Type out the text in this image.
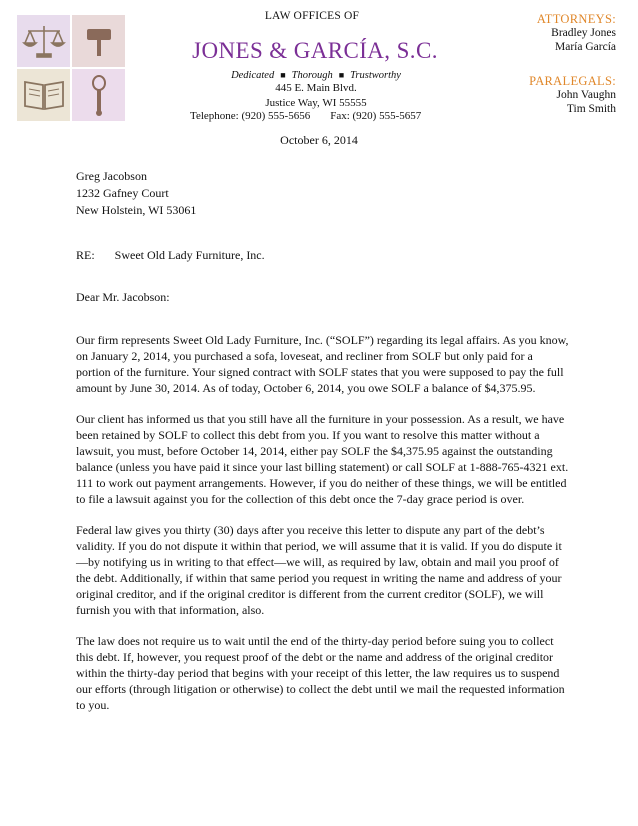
LAW OFFICES OF
JONES & GARCÍA, S.C.
Dedicated ■ Thorough ■ Trustworthy
445 E. Main Blvd.
Justice Way, WI 55555
Telephone: (920) 555-5656 Fax: (920) 555-5657
ATTORNEYS:
Bradley Jones
María García
PARALEGALS:
John Vaughn
Tim Smith
October 6, 2014
Greg Jacobson
1232 Gafney Court
New Holstein, WI 53061
RE: Sweet Old Lady Furniture, Inc.
Dear Mr. Jacobson:

Our firm represents Sweet Old Lady Furniture, Inc. (“SOLF”) regarding its legal affairs. As you know, on January 2, 2014, you purchased a sofa, loveseat, and recliner from SOLF but only paid for a portion of the furniture. Your signed contract with SOLF states that you were supposed to pay the full amount by June 30, 2014. As of today, October 6, 2014, you owe SOLF a balance of $4,375.95.

Our client has informed us that you still have all the furniture in your possession. As a result, we have been retained by SOLF to collect this debt from you. If you want to resolve this matter without a lawsuit, you must, before October 14, 2014, either pay SOLF the $4,375.95 against the outstanding balance (unless you have paid it since your last billing statement) or call SOLF at 1-888-765-4321 ext. 111 to work out payment arrangements. However, if you do neither of these things, we will be entitled to file a lawsuit against you for the collection of this debt once the 7-day grace period is over.

Federal law gives you thirty (30) days after you receive this letter to dispute any part of the debt’s validity. If you do not dispute it within that period, we will assume that it is valid. If you do dispute it—by notifying us in writing to that effect—we will, as required by law, obtain and mail you proof of the debt. Additionally, if within that same period you request in writing the name and address of your original creditor, and if the original creditor is different from the current creditor (SOLF), we will furnish you with that information, also.

The law does not require us to wait until the end of the thirty-day period before suing you to collect this debt. If, however, you request proof of the debt or the name and address of the original creditor within the thirty-day period that begins with your receipt of this letter, the law requires us to suspend our efforts (through litigation or otherwise) to collect the debt until we mail the requested information to you.
